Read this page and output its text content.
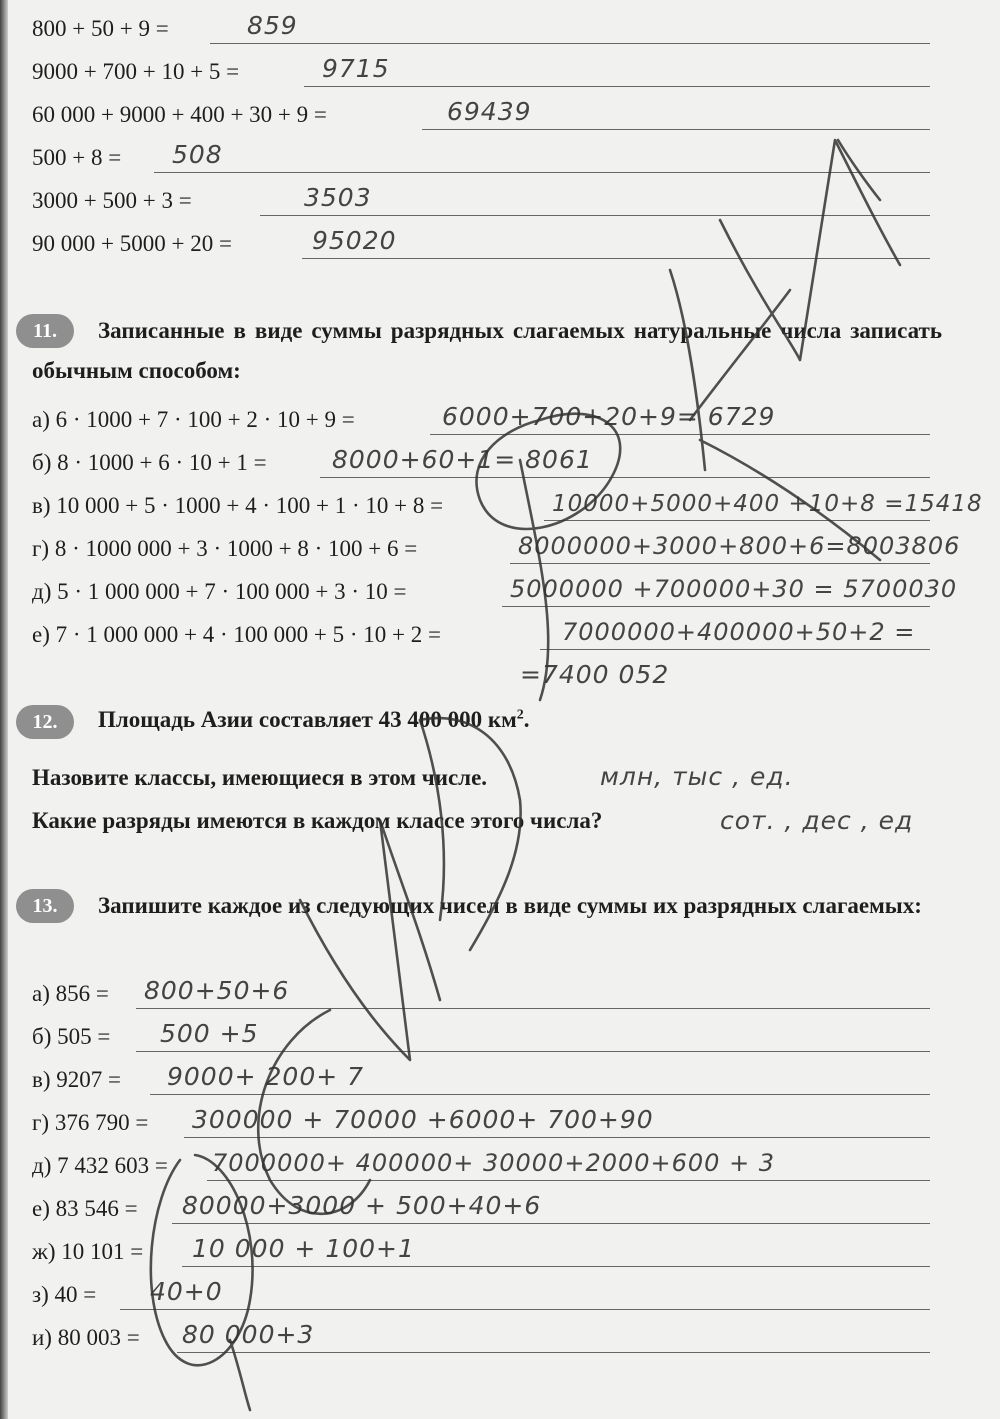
800 + 50 + 9 =	859
9000 + 700 + 10 + 5 =	9715
60 000 + 9000 + 400 + 30 + 9 =	69439
500 + 8 = 508
3000 + 500 + 3 =	3503
90 000 + 5000 + 20 =	95020
11.	Записанные в виде суммы разрядных слагаемых натуральные числа записать обычным способом:
а) 6 · 1000 + 7 · 100 + 2 · 10 + 9 =	6000+700+20+9= 6729
б) 8 · 1000 + 6 · 10 + 1 =	8000+60+1= 8061
в) 10 000 + 5 · 1000 + 4 · 100 + 1 · 10 + 8 =	10000+5000+400 +10+8 =15418
г) 8 · 1000 000 + 3 · 1000 + 8 · 100 + 6 =	8000000+3000+800+6=8003806
д) 5 · 1 000 000 + 7 · 100 000 + 3 · 10 =	5000000 +700000+30 = 5700030
е) 7 · 1 000 000 + 4 · 100 000 + 5 · 10 + 2 =	7000000+400000+50+2 =
=7400 052
12.	Площадь Азии составляет 43 400 000 $км^2$.
Назовите классы, имеющиеся в этом числе.	млн, тыс , ед.
Какие разряды имеются в каждом классе этого числа?	сот. , дес , ед
13.	Запишите каждое из следующих чисел в виде суммы их разрядных слагаемых:
а) 856 = 800+50+6
б) 505 = 500 +5
в) 9207 = 9000+ 200+ 7
г) 376 790 = 300000 + 70000 +6000+ 700+90
д) 7 432 603 = 7000000+ 400000+ 30000+2000+600 + 3
е) 83 546 = 80000+3000 + 500+40+6
ж) 10 101 = 10 000 + 100+1
з) 40 = 40+0
и) 80 003 = 80 000+3
